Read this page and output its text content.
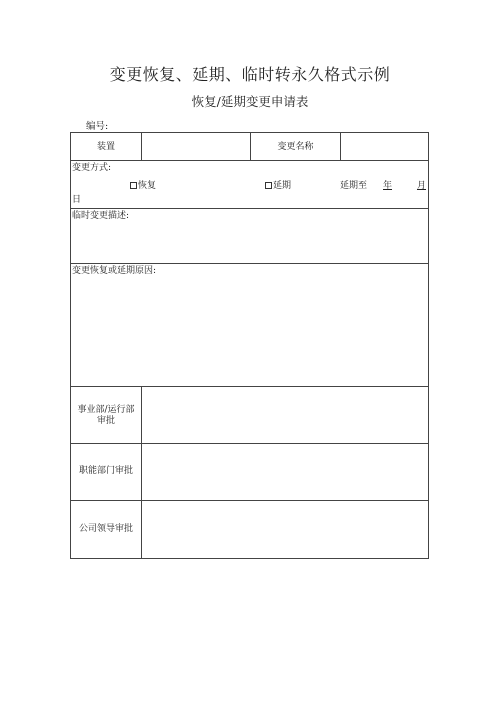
变更恢复、延期、临时转永久格式示例
恢复/延期变更申请表
编号:
装置	变更名称
变更方式:
恢复	延期	延期至 年	月
日
临时变更描述:
变更恢复或延期原因:
事业部/运行部审批
职能部门审批
公司领导审批
